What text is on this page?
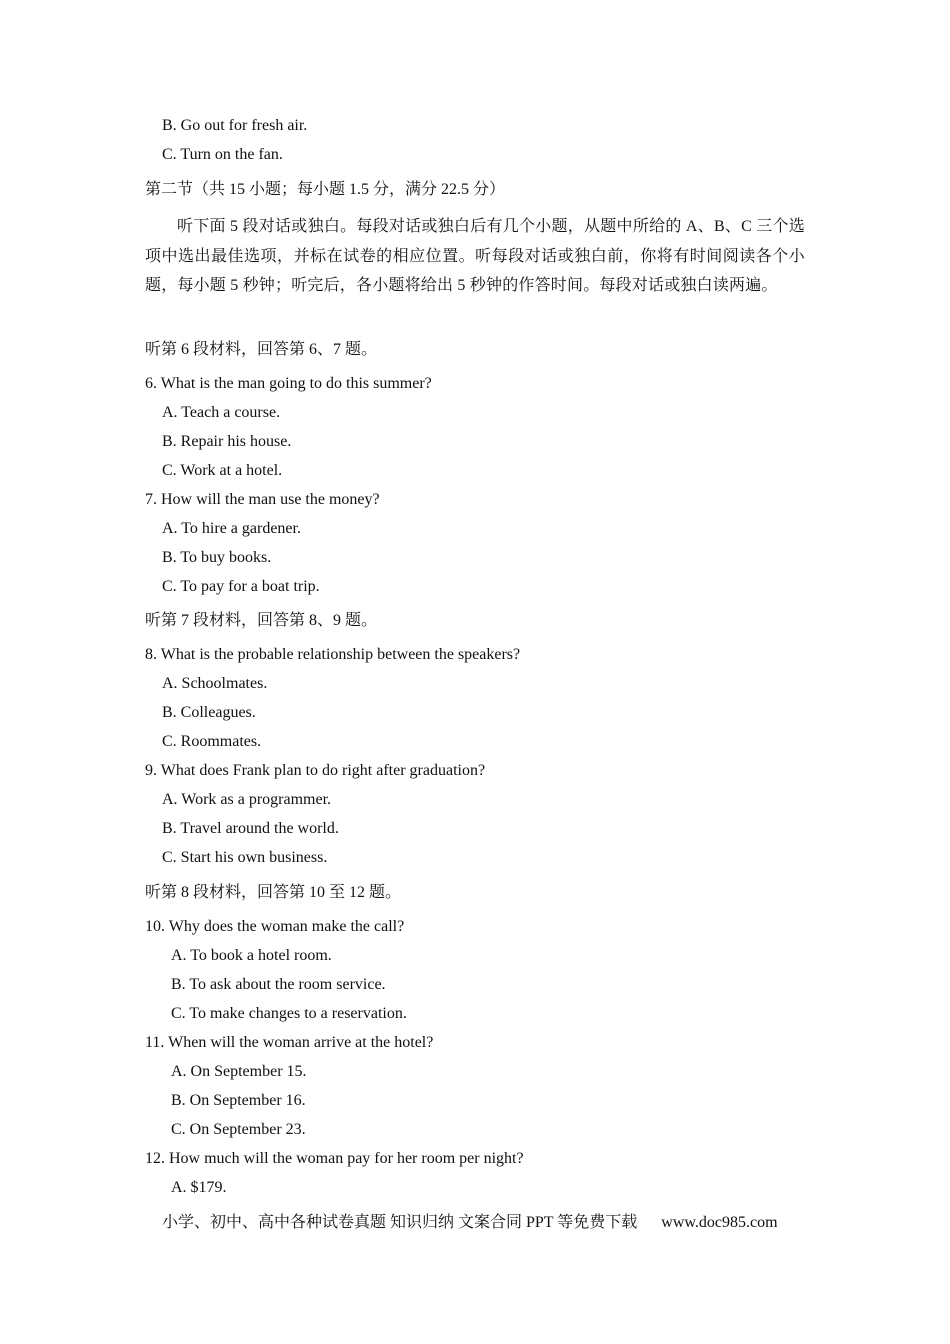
B. Go out for fresh air.
C. Turn on the fan.
第二节（共 15 小题；每小题 1.5 分，满分 22.5 分）
听下面 5 段对话或独白。每段对话或独白后有几个小题，从题中所给的 A、B、C 三个选项中选出最佳选项，并标在试卷的相应位置。听每段对话或独白前，你将有时间阅读各个小题，每小题 5 秒钟；听完后，各小题将给出 5 秒钟的作答时间。每段对话或独白读两遍。
听第 6 段材料，回答第 6、7 题。
6. What is the man going to do this summer?
A. Teach a course.
B. Repair his house.
C. Work at a hotel.
7. How will the man use the money?
A. To hire a gardener.
B. To buy books.
C. To pay for a boat trip.
听第 7 段材料，回答第 8、9 题。
8. What is the probable relationship between the speakers?
A. Schoolmates.
B. Colleagues.
C. Roommates.
9. What does Frank plan to do right after graduation?
A. Work as a programmer.
B. Travel around the world.
C. Start his own business.
听第 8 段材料，回答第 10 至 12 题。
10. Why does the woman make the call?
A. To book a hotel room.
B. To ask about the room service.
C. To make changes to a reservation.
11. When will the woman arrive at the hotel?
A. On September 15.
B. On September 16.
C. On September 23.
12. How much will the woman pay for her room per night?
A. $179.
小学、初中、高中各种试卷真题 知识归纳 文案合同 PPT 等免费下载 www.doc985.com
